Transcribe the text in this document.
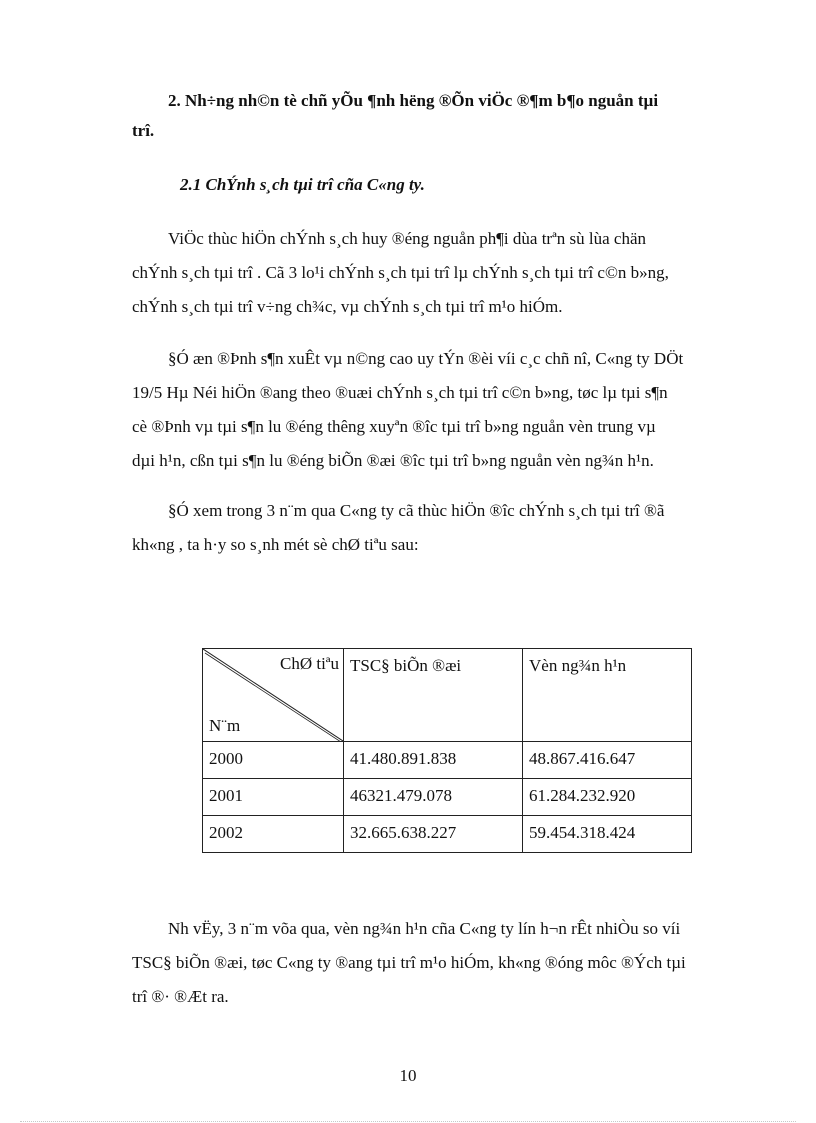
2. Nh÷ng nh©n tè chñ yÕu ¶nh hëng ®Õn viÖc ®¶m b¶o nguån tµi
trî.
2.1 ChÝnh s¸ch tµi trî cña C«ng ty.
ViÖc thùc hiÖn chÝnh s¸ch huy ®éng nguån ph¶i dùa trªn sù lùa chän
chÝnh s¸ch tµi trî . Cã 3 lo¹i chÝnh s¸ch tµi trî lµ chÝnh s¸ch tµi trî c©n b»ng,
chÝnh s¸ch tµi trî v÷ng ch¾c, vµ chÝnh s¸ch tµi trî m¹o hiÓm.
§Ó æn ®Þnh s¶n xuÊt vµ n©ng cao uy tÝn ®èi víi c¸c chñ nî, C«ng ty DÖt
19/5 Hµ Néi hiÖn ®ang theo ®uæi chÝnh s¸ch tµi trî c©n b»ng, tøc lµ tµi s¶n
cè ®Þnh vµ tµi s¶n lu ®éng thêng xuyªn ®îc tµi trî b»ng nguån vèn trung vµ
dµi h¹n, cßn tµi s¶n lu ®éng biÕn ®æi ®îc tµi trî b»ng nguån vèn ng¾n h¹n.
§Ó xem trong 3 n¨m qua C«ng ty cã thùc hiÖn ®îc chÝnh s¸ch tµi trî ®ã
kh«ng , ta h·y so s¸nh mét sè chØ tiªu sau:
ChØ tiªu
N¨m	TSC§ biÕn ®æi	Vèn ng¾n h¹n
2000	41.480.891.838	48.867.416.647
2001	46321.479.078	61.284.232.920
2002	32.665.638.227	59.454.318.424
Nh vËy, 3 n¨m võa qua, vèn ng¾n h¹n cña C«ng ty lín h¬n rÊt nhiÒu so víi
TSC§ biÕn ®æi, tøc C«ng ty ®ang tµi trî m¹o hiÓm, kh«ng ®óng môc ®Ých tµi
trî ®· ®Æt ra.
10
